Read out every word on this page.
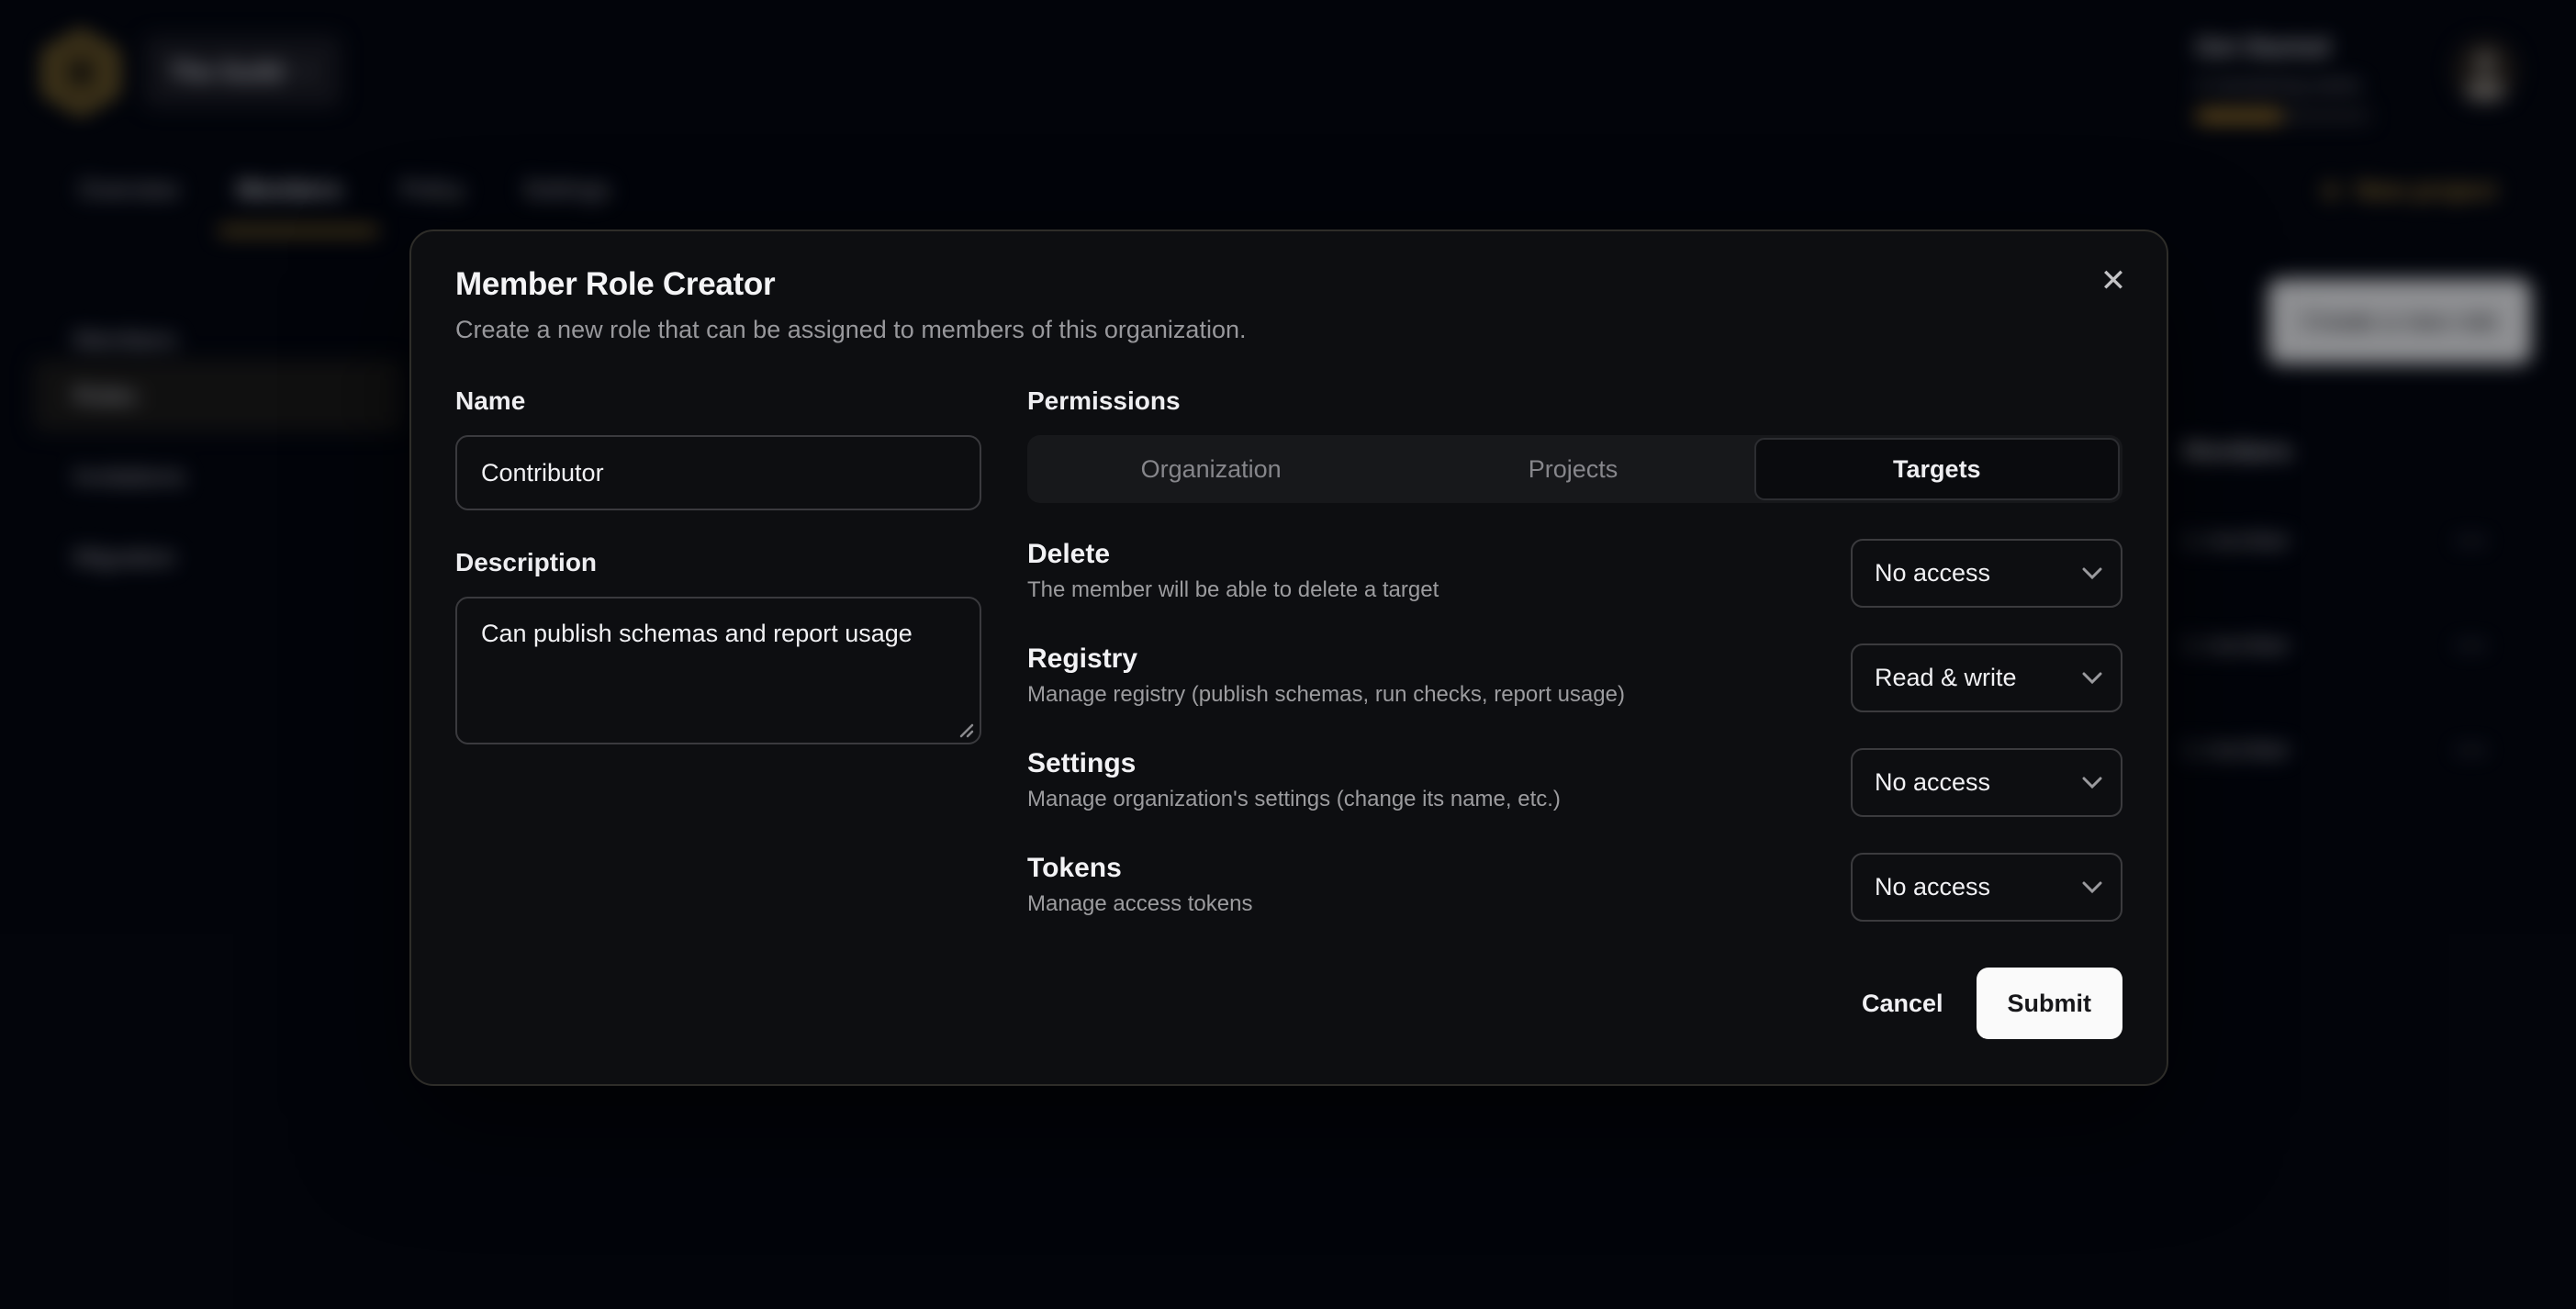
The Guild
Get Started
4 remaining tasks
Overview Members Policy Settings	New project
Members
Roles
Invitations
Migration
Create a new role
Members
1 member	•••
1 member	•••
1 member	•••
✕
Member Role Creator
Create a new role that can be assigned to members of this organization.
Name
Contributor
Description
Can publish schemas and report usage
Permissions
Organization	Projects	Targets
Delete
The member will be able to delete a target
No access
Registry
Manage registry (publish schemas, run checks, report usage)
Read & write
Settings
Manage organization's settings (change its name, etc.)
No access
Tokens
Manage access tokens
No access
Cancel	Submit
